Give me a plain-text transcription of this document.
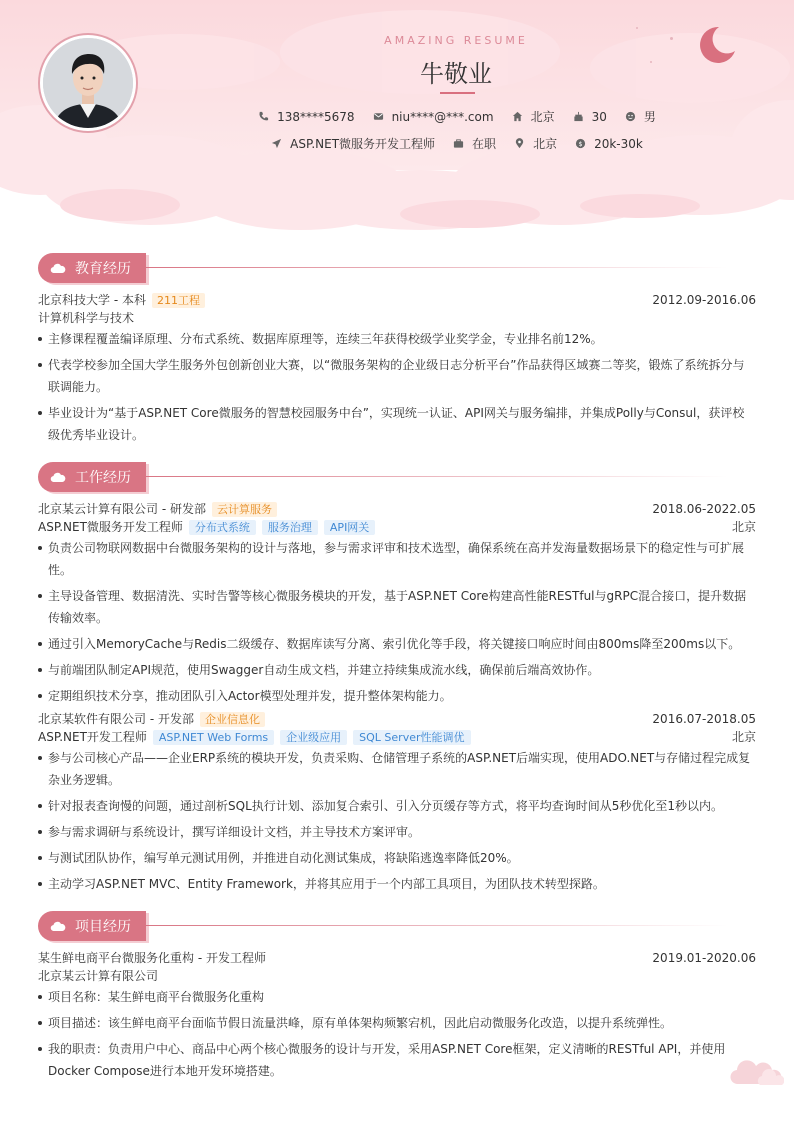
AMAZING RESUME
牛敬业
138****5678	niu****@***.com	北京	30	男
ASP.NET微服务开发工程师	在职	北京	$ 20k-30k
教育经历
北京科技大学 - 本科 211工程	2012.09-2016.06
计算机科学与技术
主修课程覆盖编译原理、分布式系统、数据库原理等，连续三年获得校级学业奖学金，专业排名前12%。
代表学校参加全国大学生服务外包创新创业大赛，以“微服务架构的企业级日志分析平台”作品获得区域赛二等奖，锻炼了系统拆分与联调能力。
毕业设计为“基于ASP.NET Core微服务的智慧校园服务中台”，实现统一认证、API网关与服务编排，并集成Polly与Consul，获评校级优秀毕业设计。
工作经历
北京某云计算有限公司 - 研发部 云计算服务	2018.06-2022.05
ASP.NET微服务开发工程师 分布式系统 服务治理 API网关	北京
负责公司物联网数据中台微服务架构的设计与落地，参与需求评审和技术选型，确保系统在高并发海量数据场景下的稳定性与可扩展性。
主导设备管理、数据清洗、实时告警等核心微服务模块的开发，基于ASP.NET Core构建高性能RESTful与gRPC混合接口，提升数据传输效率。
通过引入MemoryCache与Redis二级缓存、数据库读写分离、索引优化等手段，将关键接口响应时间由800ms降至200ms以下。
与前端团队制定API规范，使用Swagger自动生成文档，并建立持续集成流水线，确保前后端高效协作。
定期组织技术分享，推动团队引入Actor模型处理并发，提升整体架构能力。
北京某软件有限公司 - 开发部 企业信息化	2016.07-2018.05
ASP.NET开发工程师 ASP.NET Web Forms 企业级应用 SQL Server性能调优	北京
参与公司核心产品——企业ERP系统的模块开发，负责采购、仓储管理子系统的ASP.NET后端实现，使用ADO.NET与存储过程完成复杂业务逻辑。
针对报表查询慢的问题，通过剖析SQL执行计划、添加复合索引、引入分页缓存等方式，将平均查询时间从5秒优化至1秒以内。
参与需求调研与系统设计，撰写详细设计文档，并主导技术方案评审。
与测试团队协作，编写单元测试用例，并推进自动化测试集成，将缺陷逃逸率降低20%。
主动学习ASP.NET MVC、Entity Framework，并将其应用于一个内部工具项目，为团队技术转型探路。
项目经历
某生鲜电商平台微服务化重构 - 开发工程师	2019.01-2020.06
北京某云计算有限公司
项目名称：某生鲜电商平台微服务化重构
项目描述：该生鲜电商平台面临节假日流量洪峰，原有单体架构频繁宕机，因此启动微服务化改造，以提升系统弹性。
我的职责：负责用户中心、商品中心两个核心微服务的设计与开发，采用ASP.NET Core框架，定义清晰的RESTful API，并使用Docker Compose进行本地开发环境搭建。
